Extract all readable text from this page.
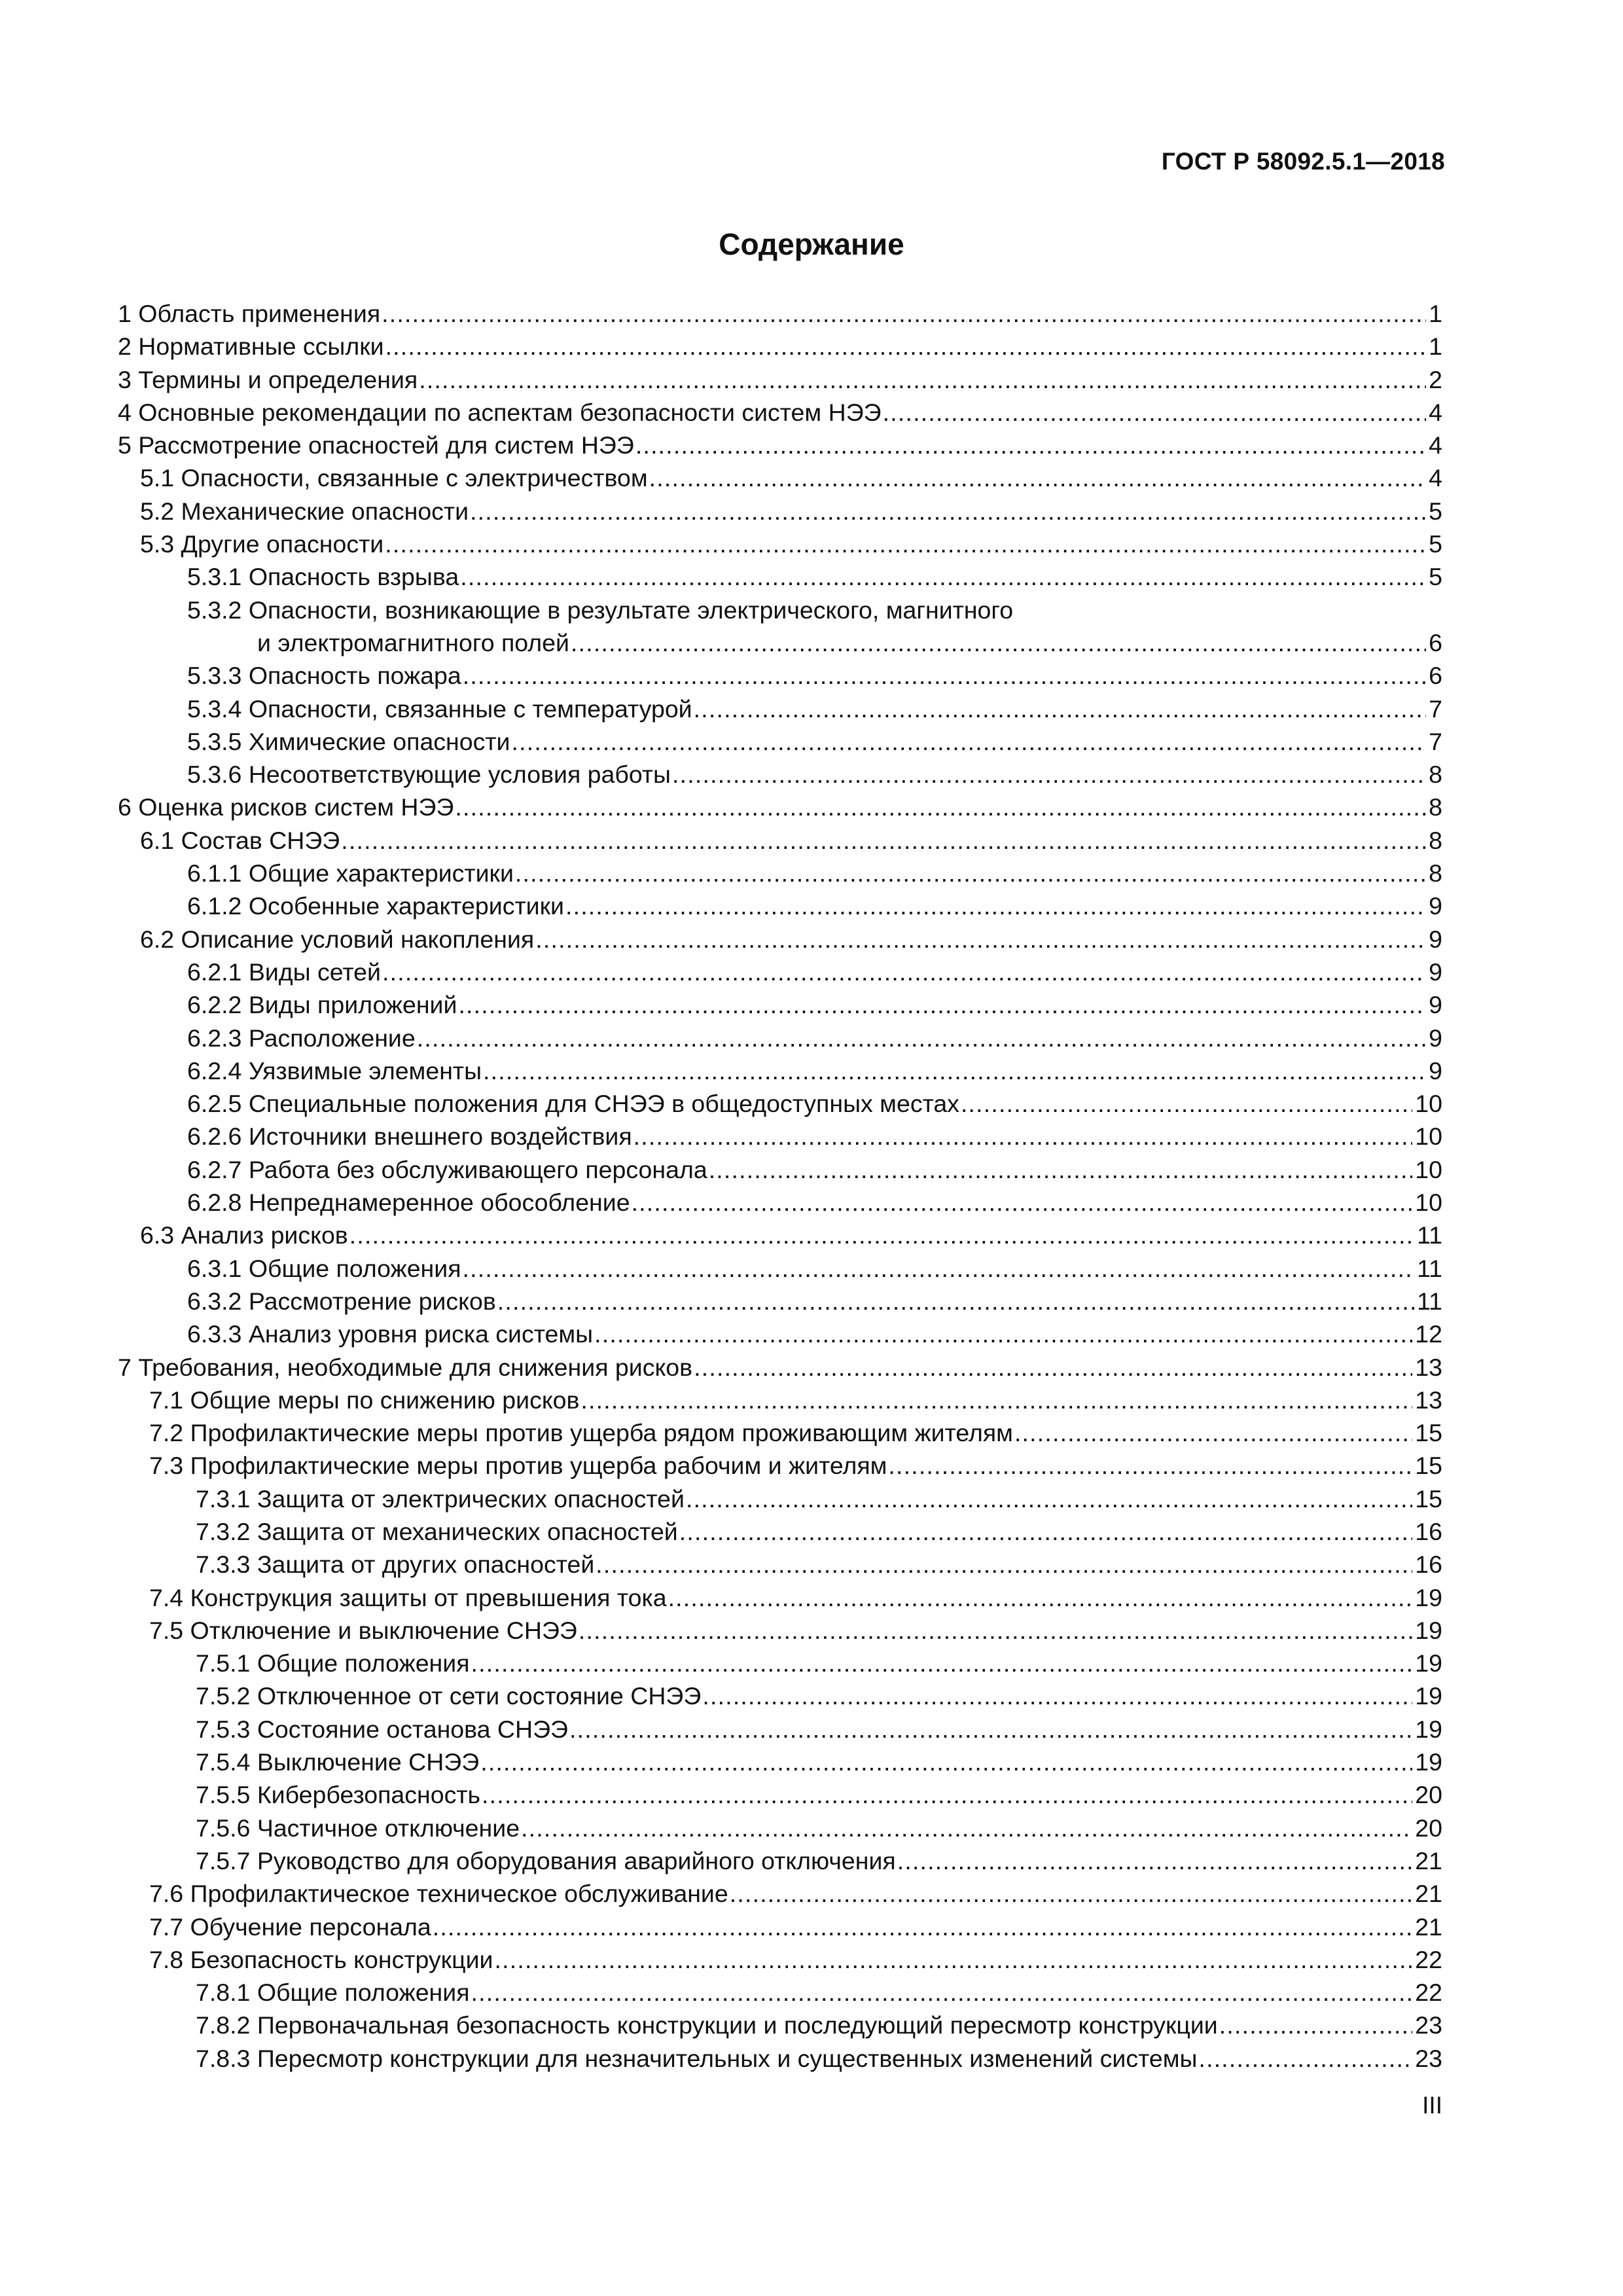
ГОСТ Р 58092.5.1—2018
Содержание
1 Область применения .....	1
2 Нормативные ссылки .....	1
3 Термины и определения .....	2
4 Основные рекомендации по аспектам безопасности систем НЭЭ .....	4
5 Рассмотрение опасностей для систем НЭЭ .....	4
5.1 Опасности, связанные с электричеством .....	4
5.2 Механические опасности .....	5
5.3 Другие опасности .....	5
5.3.1 Опасность взрыва .....	5
5.3.2 Опасности, возникающие в результате электрического, магнитного
и электромагнитного полей .....	6
5.3.3 Опасность пожара .....	6
5.3.4 Опасности, связанные с температурой .....	7
5.3.5 Химические опасности .....	7
5.3.6 Несоответствующие условия работы .....	8
6 Оценка рисков систем НЭЭ .....	8
6.1 Состав СНЭЭ .....	8
6.1.1 Общие характеристики .....	8
6.1.2 Особенные характеристики .....	9
6.2 Описание условий накопления .....	9
6.2.1 Виды сетей .....	9
6.2.2 Виды приложений .....	9
6.2.3 Расположение .....	9
6.2.4 Уязвимые элементы .....	9
6.2.5 Специальные положения для СНЭЭ в общедоступных местах .....	10
6.2.6 Источники внешнего воздействия .....	10
6.2.7 Работа без обслуживающего персонала .....	10
6.2.8 Непреднамеренное обособление .....	10
6.3 Анализ рисков .....	11
6.3.1 Общие положения .....	11
6.3.2 Рассмотрение рисков .....	11
6.3.3 Анализ уровня риска системы .....	12
7 Требования, необходимые для снижения рисков .....	13
7.1 Общие меры по снижению рисков .....	13
7.2 Профилактические меры против ущерба рядом проживающим жителям .....	15
7.3 Профилактические меры против ущерба рабочим и жителям .....	15
7.3.1 Защита от электрических опасностей .....	15
7.3.2 Защита от механических опасностей .....	16
7.3.3 Защита от других опасностей .....	16
7.4 Конструкция защиты от превышения тока .....	19
7.5 Отключение и выключение СНЭЭ .....	19
7.5.1 Общие положения .....	19
7.5.2 Отключенное от сети состояние СНЭЭ .....	19
7.5.3 Состояние останова СНЭЭ .....	19
7.5.4 Выключение СНЭЭ .....	19
7.5.5 Кибербезопасность .....	20
7.5.6 Частичное отключение .....	20
7.5.7 Руководство для оборудования аварийного отключения .....	21
7.6 Профилактическое техническое обслуживание .....	21
7.7 Обучение персонала .....	21
7.8 Безопасность конструкции .....	22
7.8.1 Общие положения .....	22
7.8.2 Первоначальная безопасность конструкции и последующий пересмотр конструкции .....	23
7.8.3 Пересмотр конструкции для незначительных и существенных изменений системы .....	23
III
